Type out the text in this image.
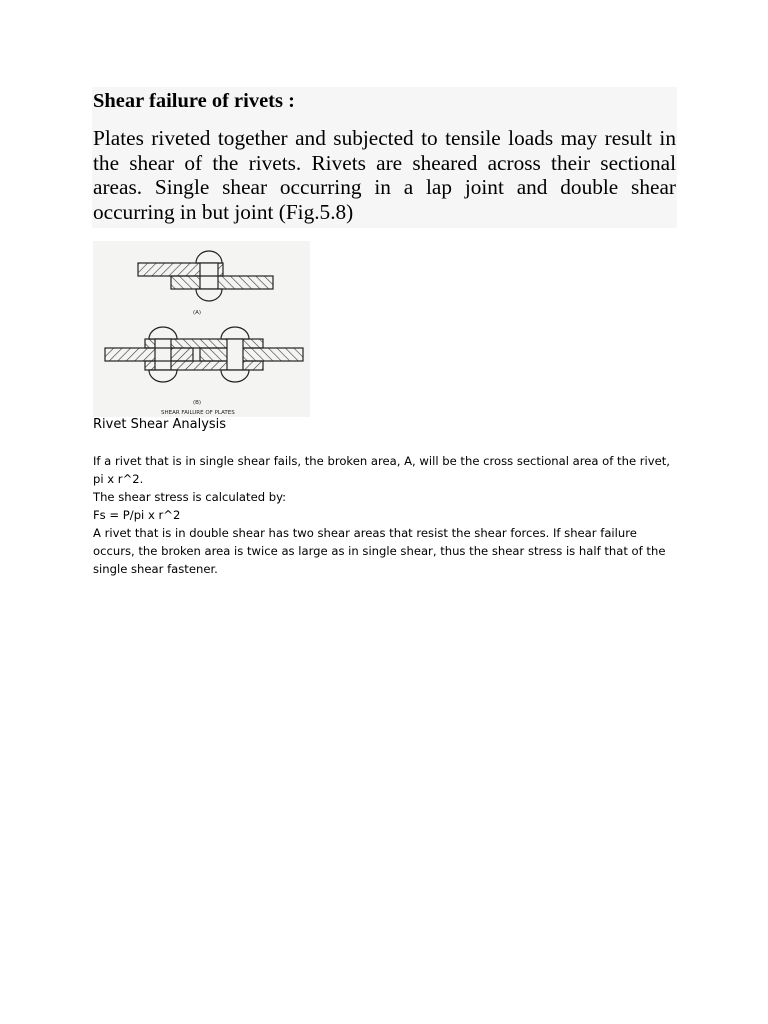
Shear failure of rivets :

Plates riveted together and subjected to tensile loads may result in the shear of the rivets. Rivets are sheared across their sectional areas. Single shear occurring in a lap joint and double shear occurring in but joint (Fig.5.8)

(A)
(B)
SHEAR FAILURE OF PLATES
Rivet Shear Analysis

If a rivet that is in single shear fails, the broken area, A, will be the cross sectional area of the rivet, pi x r^2.

The shear stress is calculated by:

Fs = P/pi x r^2

A rivet that is in double shear has two shear areas that resist the shear forces. If shear failure occurs, the broken area is twice as large as in single shear, thus the shear stress is half that of the single shear fastener.
